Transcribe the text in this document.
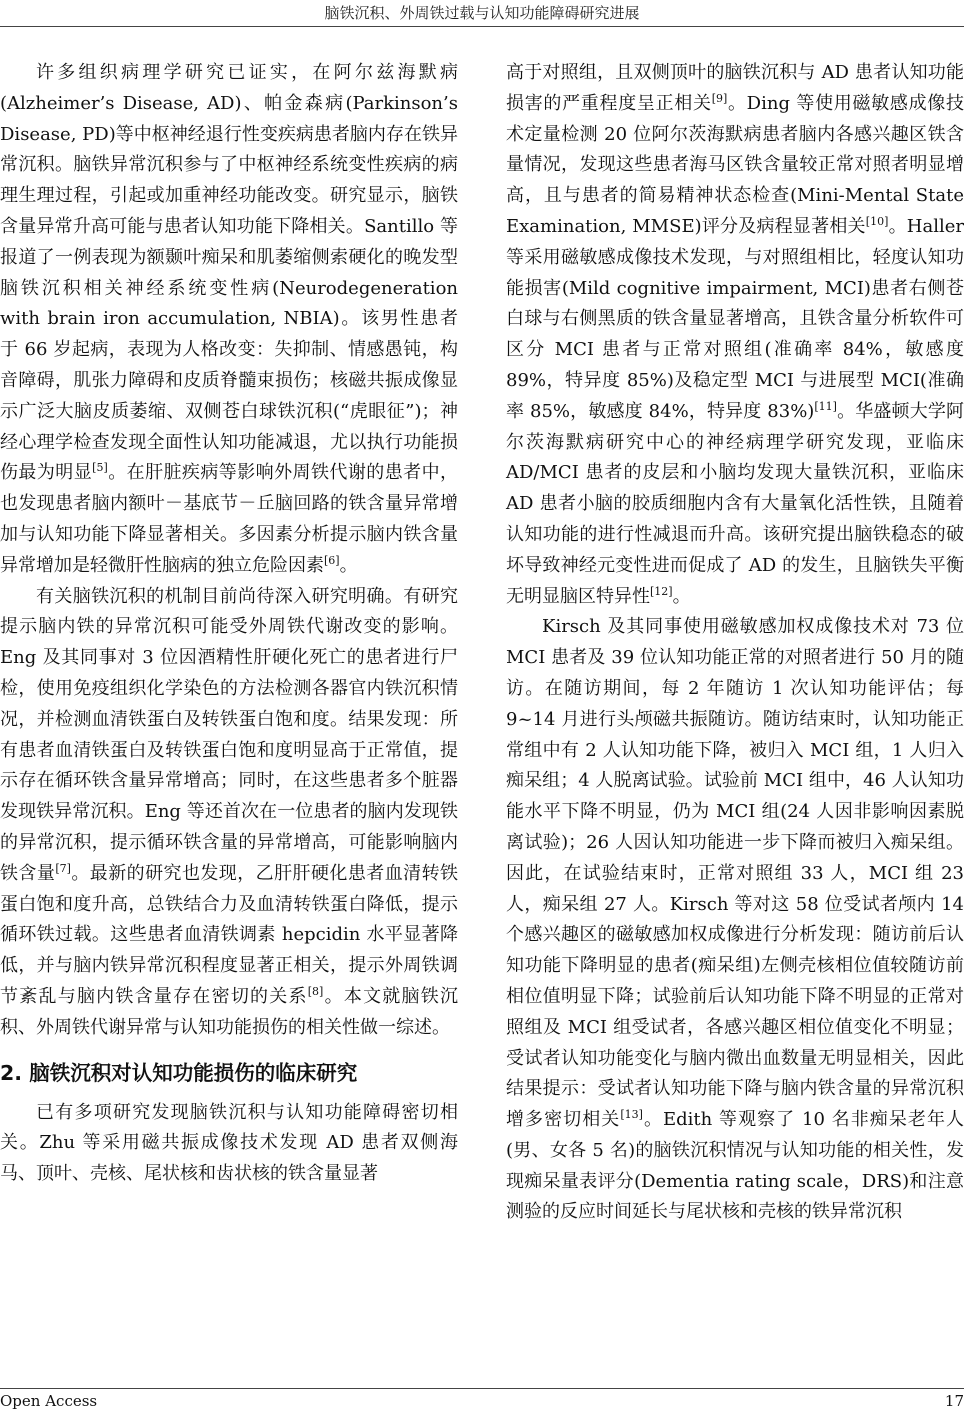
脑铁沉积、外周铁过载与认知功能障碍研究进展

许多组织病理学研究已证实，在阿尔兹海默病(Alzheimer’s Disease, AD)、帕金森病(Parkinson’s Disease, PD)等中枢神经退行性变疾病患者脑内存在铁异常沉积。脑铁异常沉积参与了中枢神经系统变性疾病的病理生理过程，引起或加重神经功能改变。研究显示，脑铁含量异常升高可能与患者认知功能下降相关。Santillo 等报道了一例表现为额颞叶痴呆和肌萎缩侧索硬化的晚发型脑铁沉积相关神经系统变性病(Neurodegeneration with brain iron accumulation, NBIA)。该男性患者于 66 岁起病，表现为人格改变：失抑制、情感愚钝，构音障碍，肌张力障碍和皮质脊髓束损伤；核磁共振成像显示广泛大脑皮质萎缩、双侧苍白球铁沉积(“虎眼征”)；神经心理学检查发现全面性认知功能减退，尤以执行功能损伤最为明显[5]。在肝脏疾病等影响外周铁代谢的患者中，也发现患者脑内额叶－基底节－丘脑回路的铁含量异常增加与认知功能下降显著相关。多因素分析提示脑内铁含量异常增加是轻微肝性脑病的独立危险因素[6]。

有关脑铁沉积的机制目前尚待深入研究明确。有研究提示脑内铁的异常沉积可能受外周铁代谢改变的影响。Eng 及其同事对 3 位因酒精性肝硬化死亡的患者进行尸检，使用免疫组织化学染色的方法检测各器官内铁沉积情况，并检测血清铁蛋白及转铁蛋白饱和度。结果发现：所有患者血清铁蛋白及转铁蛋白饱和度明显高于正常值，提示存在循环铁含量异常增高；同时，在这些患者多个脏器发现铁异常沉积。Eng 等还首次在一位患者的脑内发现铁的异常沉积，提示循环铁含量的异常增高，可能影响脑内铁含量[7]。最新的研究也发现，乙肝肝硬化患者血清转铁蛋白饱和度升高，总铁结合力及血清转铁蛋白降低，提示循环铁过载。这些患者血清铁调素 hepcidin 水平显著降低，并与脑内铁异常沉积程度显著正相关，提示外周铁调节紊乱与脑内铁含量存在密切的关系[8]。本文就脑铁沉积、外周铁代谢异常与认知功能损伤的相关性做一综述。

2. 脑铁沉积对认知功能损伤的临床研究

已有多项研究发现脑铁沉积与认知功能障碍密切相关。Zhu 等采用磁共振成像技术发现 AD 患者双侧海马、顶叶、壳核、尾状核和齿状核的铁含量显著

高于对照组，且双侧顶叶的脑铁沉积与 AD 患者认知功能损害的严重程度呈正相关[9]。Ding 等使用磁敏感成像技术定量检测 20 位阿尔茨海默病患者脑内各感兴趣区铁含量情况，发现这些患者海马区铁含量较正常对照者明显增高，且与患者的简易精神状态检查(Mini-Mental State Examination, MMSE)评分及病程显著相关[10]。Haller 等采用磁敏感成像技术发现，与对照组相比，轻度认知功能损害(Mild cognitive impairment, MCI)患者右侧苍白球与右侧黑质的铁含量显著增高，且铁含量分析软件可区分 MCI 患者与正常对照组(准确率 84%，敏感度 89%，特异度 85%)及稳定型 MCI 与进展型 MCI(准确率 85%，敏感度 84%，特异度 83%)[11]。华盛顿大学阿尔茨海默病研究中心的神经病理学研究发现，亚临床 AD/MCI 患者的皮层和小脑均发现大量铁沉积，亚临床 AD 患者小脑的胶质细胞内含有大量氧化活性铁，且随着认知功能的进行性减退而升高。该研究提出脑铁稳态的破坏导致神经元变性进而促成了 AD 的发生，且脑铁失平衡无明显脑区特异性[12]。

Kirsch 及其同事使用磁敏感加权成像技术对 73 位 MCI 患者及 39 位认知功能正常的对照者进行 50 月的随访。在随访期间，每 2 年随访 1 次认知功能评估；每 9~14 月进行头颅磁共振随访。随访结束时，认知功能正常组中有 2 人认知功能下降，被归入 MCI 组，1 人归入痴呆组；4 人脱离试验。试验前 MCI 组中，46 人认知功能水平下降不明显，仍为 MCI 组(24 人因非影响因素脱离试验)；26 人因认知功能进一步下降而被归入痴呆组。因此，在试验结束时，正常对照组 33 人，MCI 组 23 人，痴呆组 27 人。Kirsch 等对这 58 位受试者颅内 14 个感兴趣区的磁敏感加权成像进行分析发现：随访前后认知功能下降明显的患者(痴呆组)左侧壳核相位值较随访前相位值明显下降；试验前后认知功能下降不明显的正常对照组及 MCI 组受试者，各感兴趣区相位值变化不明显；受试者认知功能变化与脑内微出血数量无明显相关，因此结果提示：受试者认知功能下降与脑内铁含量的异常沉积增多密切相关[13]。Edith 等观察了 10 名非痴呆老年人(男、女各 5 名)的脑铁沉积情况与认知功能的相关性，发现痴呆量表评分(Dementia rating scale，DRS)和注意测验的反应时间延长与尾状核和壳核的铁异常沉积

Open Access	17
